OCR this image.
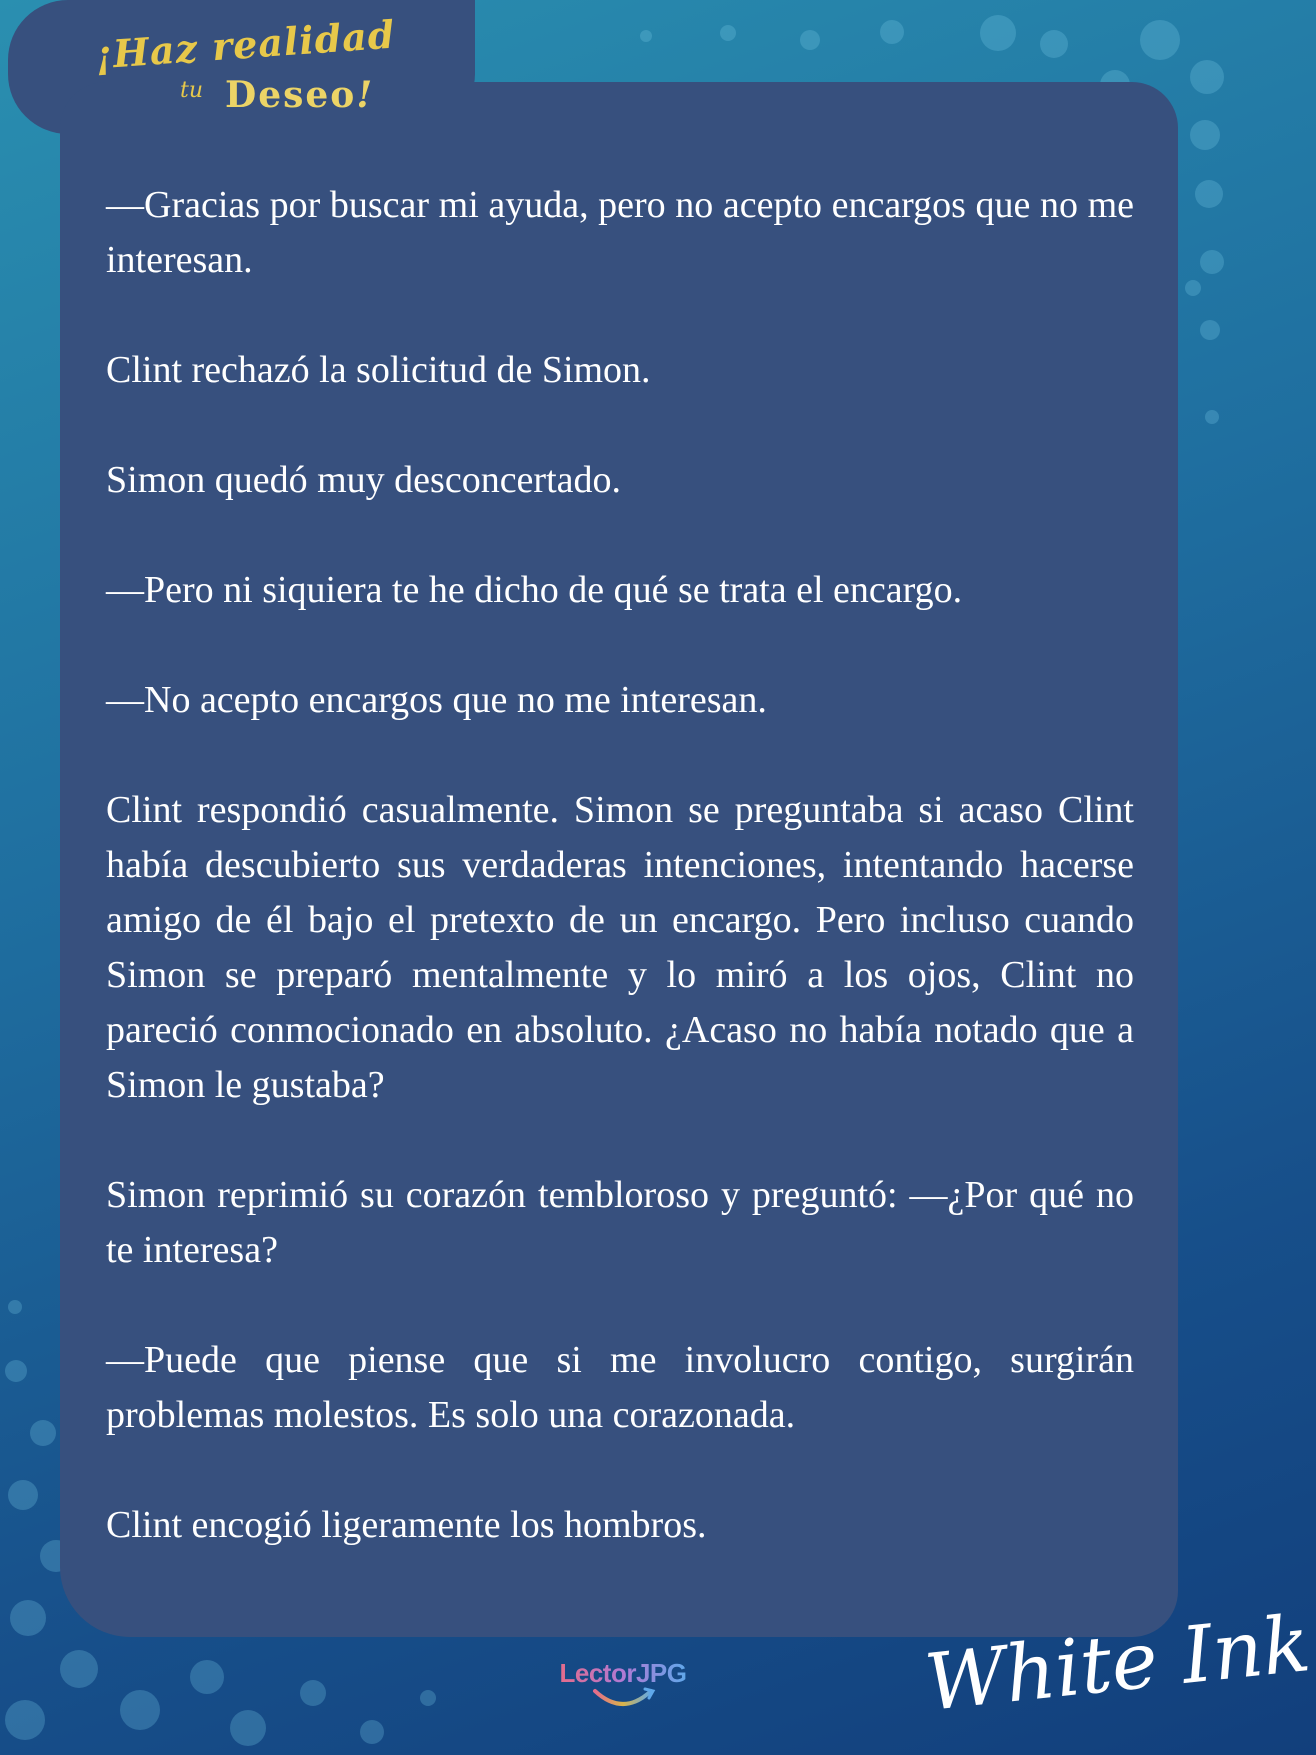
¡Haz realidad
tu Deseo!

—Gracias por buscar mi ayuda, pero no acepto encargos que no me interesan.

Clint rechazó la solicitud de Simon.

Simon quedó muy desconcertado.

—Pero ni siquiera te he dicho de qué se trata el encargo.

—No acepto encargos que no me interesan.

Clint respondió casualmente. Simon se preguntaba si acaso Clint había descubierto sus verdaderas intenciones, intentando hacerse amigo de él bajo el pretexto de un encargo. Pero incluso cuando Simon se preparó mentalmente y lo miró a los ojos, Clint no pareció conmocionado en absoluto. ¿Acaso no había notado que a Simon le gustaba?

Simon reprimió su corazón tembloroso y preguntó: —¿Por qué no te interesa?

—Puede que piense que si me involucro contigo, surgirán problemas molestos. Es solo una corazonada.

Clint encogió ligeramente los hombros.

LectorJPG	White Ink
